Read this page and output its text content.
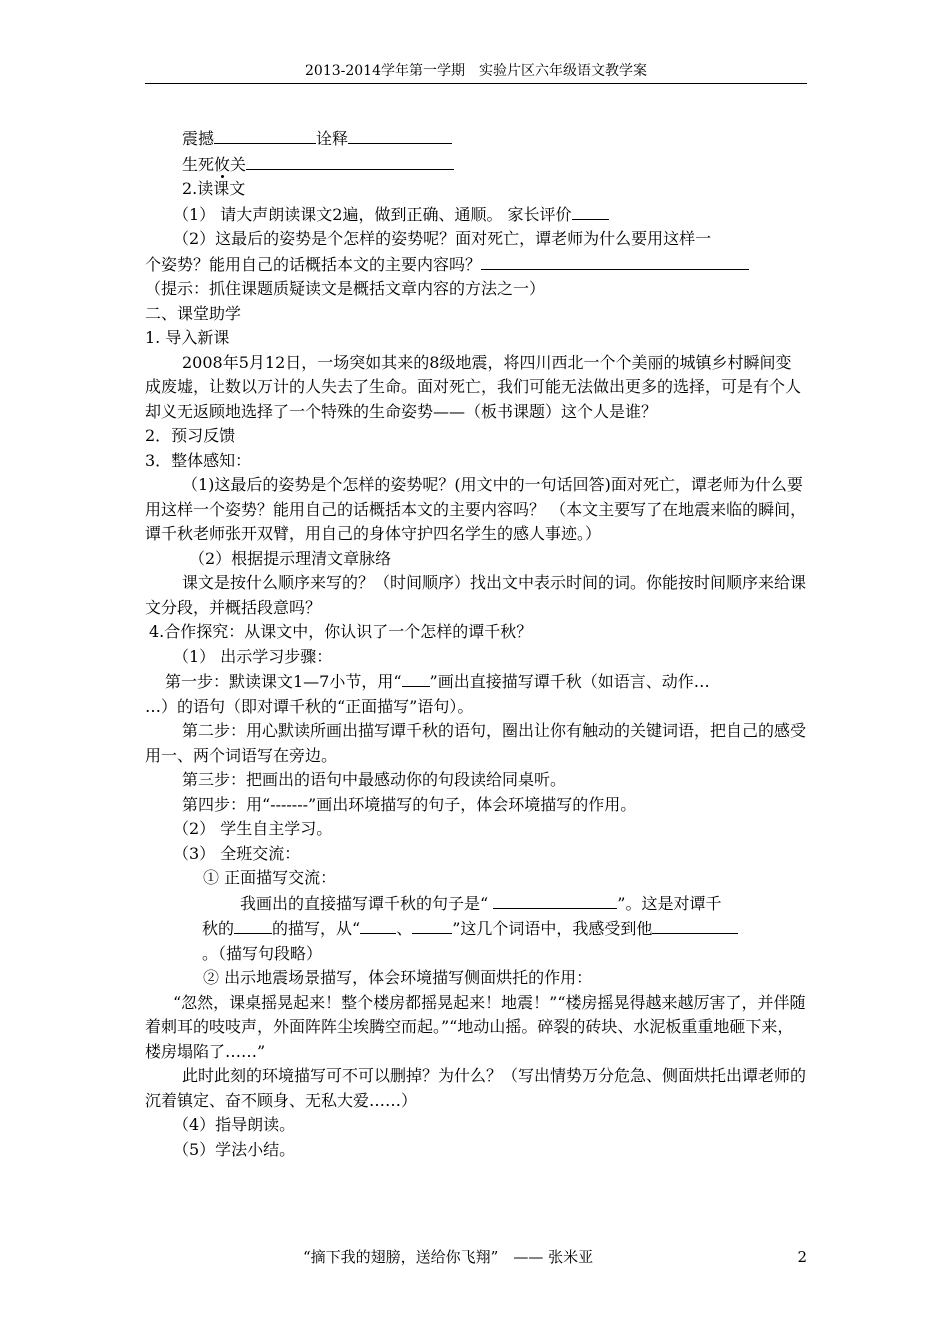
2013-2014学年第一学期　实验片区六年级语文教学案

震撼	诠释

生死攸关

2.读课文

（1） 请大声朗读课文2遍，做到正确、通顺。 家长评价

（2）这最后的姿势是个怎样的姿势呢？面对死亡，谭老师为什么要用这样一

个姿势？能用自己的话概括本文的主要内容吗？

（提示：抓住课题质疑读文是概括文章内容的方法之一）

二、课堂助学

1. 导入新课

2008年5月12日，一场突如其来的8级地震，将四川西北一个个美丽的城镇乡村瞬间变成废墟，让数以万计的人失去了生命。面对死亡，我们可能无法做出更多的选择，可是有个人却义无返顾地选择了一个特殊的生命姿势——（板书课题）这个人是谁？

2．预习反馈

3．整体感知：

（1)这最后的姿势是个怎样的姿势呢？(用文中的一句话回答)面对死亡，谭老师为什么要用这样一个姿势？能用自己的话概括本文的主要内容吗？ （本文主要写了在地震来临的瞬间，谭千秋老师张开双臂，用自己的身体守护四名学生的感人事迹。）

（2）根据提示理清文章脉络

课文是按什么顺序来写的？（时间顺序）找出文中表示时间的词。你能按时间顺序来给课文分段，并概括段意吗？

4.合作探究：从课文中，你认识了一个怎样的谭千秋？

（1） 出示学习步骤：

第一步：默读课文1—7小节，用“ ”画出直接描写谭千秋（如语言、动作…

…）的语句（即对谭千秋的“正面描写”语句）。

第二步：用心默读所画出描写谭千秋的语句，圈出让你有触动的关键词语，把自己的感受用一、两个词语写在旁边。

第三步：把画出的语句中最感动你的句段读给同桌听。

第四步：用“-------”画出环境描写的句子，体会环境描写的作用。

（2） 学生自主学习。

（3） 全班交流：

① 正面描写交流：

我画出的直接描写谭千秋的句子是“	”。这是对谭千

秋的 的描写，从“ 、	”这几个词语中，我感受到他

。（描写句段略）

② 出示地震场景描写，体会环境描写侧面烘托的作用：

“忽然，课桌摇晃起来！整个楼房都摇晃起来！地震！”“楼房摇晃得越来越厉害了，并伴随着刺耳的吱吱声，外面阵阵尘埃腾空而起。”“地动山摇。碎裂的砖块、水泥板重重地砸下来，楼房塌陷了……”

此时此刻的环境描写可不可以删掉？为什么？（写出情势万分危急、侧面烘托出谭老师的沉着镇定、奋不顾身、无私大爱……）

（4）指导朗读。

（5）学法小结。

“摘下我的翅膀，送给你飞翔”　—— 张米亚	2
